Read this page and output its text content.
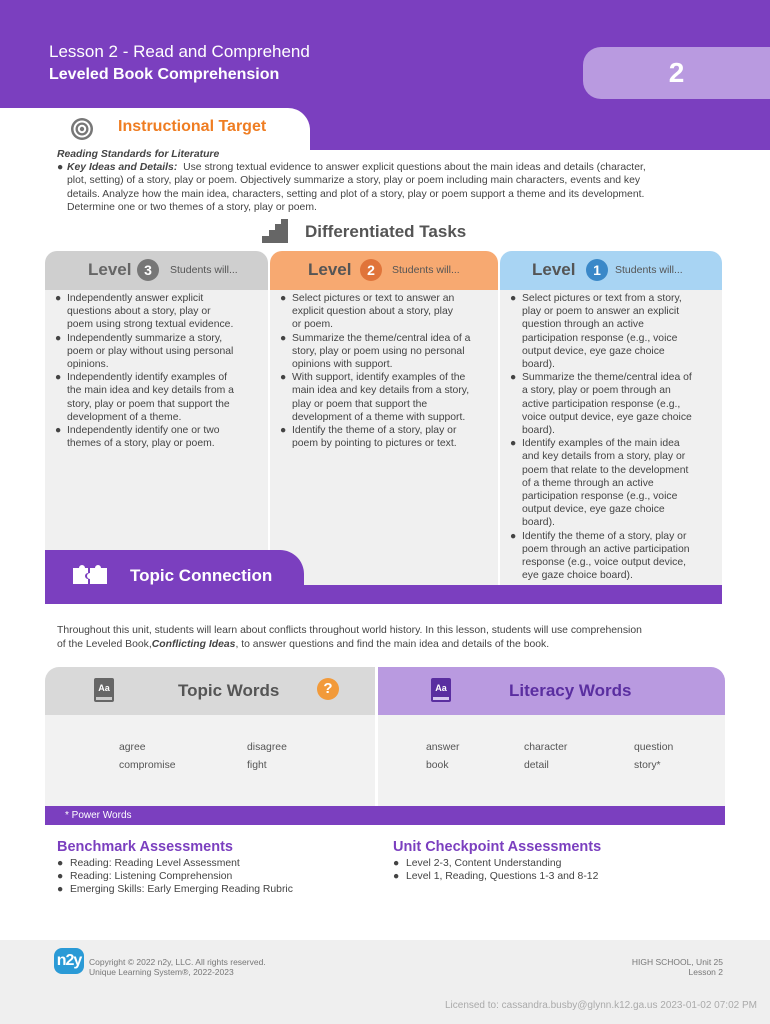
Lesson 2 - Read and Comprehend
Leveled Book Comprehension	2
Instructional Target
Reading Standards for Literature
● Key Ideas and Details: Use strong textual evidence to answer explicit questions about the main ideas and details (character,
plot, setting) of a story, play or poem. Objectively summarize a story, play or poem including main characters, events and key
details. Analyze how the main idea, characters, setting and plot of a story, play or poem support a theme and its development.
Determine one or two themes of a story, play or poem.
Differentiated Tasks
Level 3	Students will...	Level	2	Students will...	Level	1	Students will...
● Independently answer explicit
questions about a story, play or
poem using strong textual evidence.
● Independently summarize a story,
poem or play without using personal
opinions.
● Independently identify examples of
the main idea and key details from a
story, play or poem that support the
development of a theme.
● Independently identify one or two
themes of a story, play or poem.
● Select pictures or text to answer an
explicit question about a story, play
or poem.
● Summarize the theme/central idea of a
story, play or poem using no personal
opinions with support.
● With support, identify examples of the
main idea and key details from a story,
play or poem that support the
development of a theme with support.
● Identify the theme of a story, play or
poem by pointing to pictures or text.
● Select pictures or text from a story,
play or poem to answer an explicit
question through an active
participation response (e.g., voice
output device, eye gaze choice
board).
● Summarize the theme/central idea of
a story, play or poem through an
active participation response (e.g.,
voice output device, eye gaze choice
board).
● Identify examples of the main idea
and key details from a story, play or
poem that relate to the development
of a theme through an active
participation response (e.g., voice
output device, eye gaze choice
board).
● Identify the theme of a story, play or
poem through an active participation
response (e.g., voice output device,
eye gaze choice board).
Topic Connection
Throughout this unit, students will learn about conflicts throughout world history. In this lesson, students will use comprehension
of the Leveled Book,Conflicting Ideas, to answer questions and find the main idea and details of the book.
Aa	Topic Words	?	Aa	Literacy Words
agree	disagree
compromise	fight
answer	character	question
book	detail	story*
* Power Words
Benchmark Assessments
● Reading: Reading Level Assessment
● Reading: Listening Comprehension
● Emerging Skills: Early Emerging Reading Rubric
Unit Checkpoint Assessments
● Level 2-3, Content Understanding
● Level 1, Reading, Questions 1-3 and 8-12
n2y Copyright © 2022 n2y, LLC. All rights reserved.
Unique Learning System®, 2022-2023
HIGH SCHOOL, Unit 25
Lesson 2
Licensed to: cassandra.busby@glynn.k12.ga.us 2023-01-02 07:02 PM
